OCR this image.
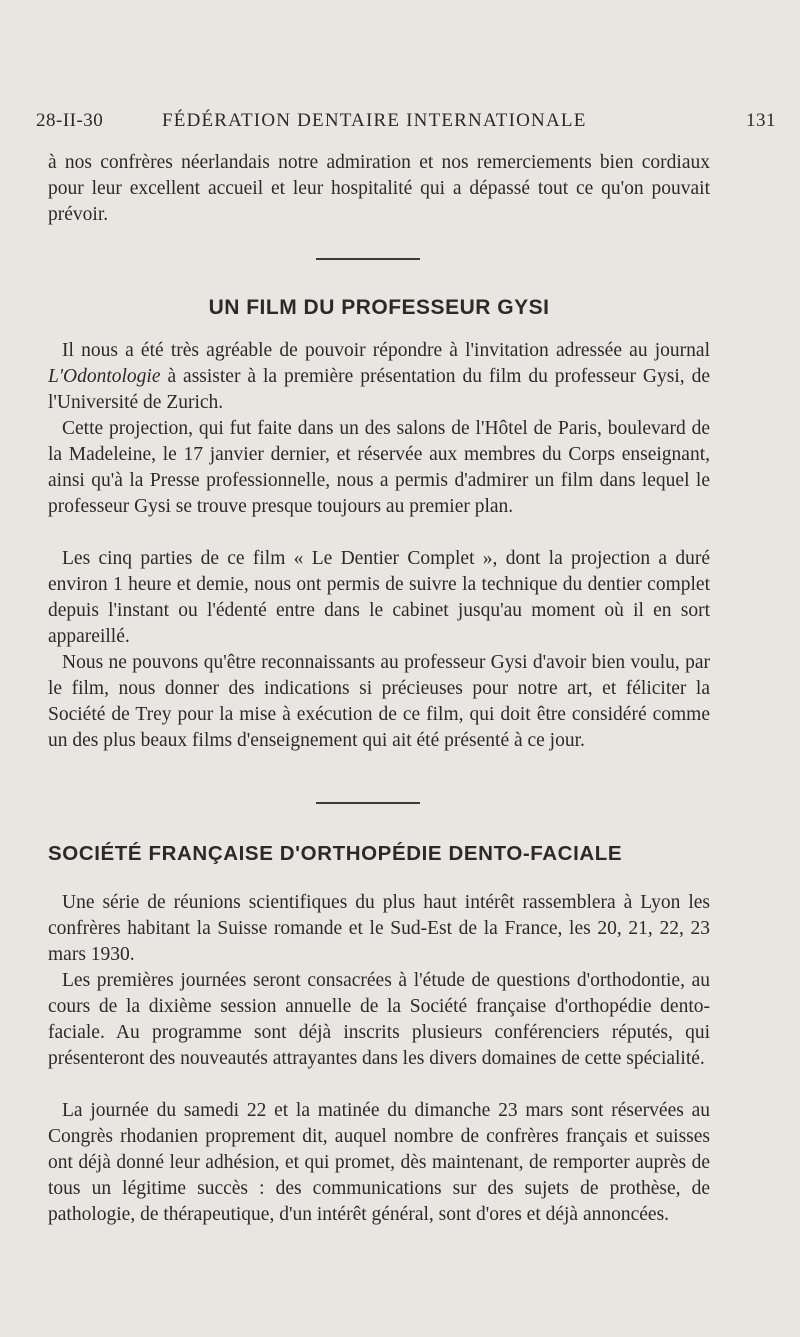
28-II-30	FÉDÉRATION DENTAIRE INTERNATIONALE	131

à nos confrères néerlandais notre admiration et nos remerciements bien cordiaux pour leur excellent accueil et leur hospitalité qui a dépassé tout ce qu'on pouvait prévoir.

UN FILM DU PROFESSEUR GYSI

Il nous a été très agréable de pouvoir répondre à l'invitation adressée au journal L'Odontologie à assister à la première présentation du film du professeur Gysi, de l'Université de Zurich.

Cette projection, qui fut faite dans un des salons de l'Hôtel de Paris, boulevard de la Madeleine, le 17 janvier dernier, et réservée aux membres du Corps enseignant, ainsi qu'à la Presse professionnelle, nous a permis d'admirer un film dans lequel le professeur Gysi se trouve presque toujours au premier plan.

Les cinq parties de ce film « Le Dentier Complet », dont la projection a duré environ 1 heure et demie, nous ont permis de suivre la technique du dentier complet depuis l'instant ou l'édenté entre dans le cabinet jusqu'au moment où il en sort appareillé.

Nous ne pouvons qu'être reconnaissants au professeur Gysi d'avoir bien voulu, par le film, nous donner des indications si précieuses pour notre art, et féliciter la Société de Trey pour la mise à exécution de ce film, qui doit être considéré comme un des plus beaux films d'enseignement qui ait été présenté à ce jour.

SOCIÉTÉ FRANÇAISE D'ORTHOPÉDIE DENTO-FACIALE

Une série de réunions scientifiques du plus haut intérêt rassemblera à Lyon les confrères habitant la Suisse romande et le Sud-Est de la France, les 20, 21, 22, 23 mars 1930.

Les premières journées seront consacrées à l'étude de questions d'orthodontie, au cours de la dixième session annuelle de la Société française d'orthopédie dento-faciale. Au programme sont déjà inscrits plusieurs conférenciers réputés, qui présenteront des nouveautés attrayantes dans les divers domaines de cette spécialité.

La journée du samedi 22 et la matinée du dimanche 23 mars sont réservées au Congrès rhodanien proprement dit, auquel nombre de confrères français et suisses ont déjà donné leur adhésion, et qui promet, dès maintenant, de remporter auprès de tous un légitime succès : des communications sur des sujets de prothèse, de pathologie, de thérapeutique, d'un intérêt général, sont d'ores et déjà annoncées.
